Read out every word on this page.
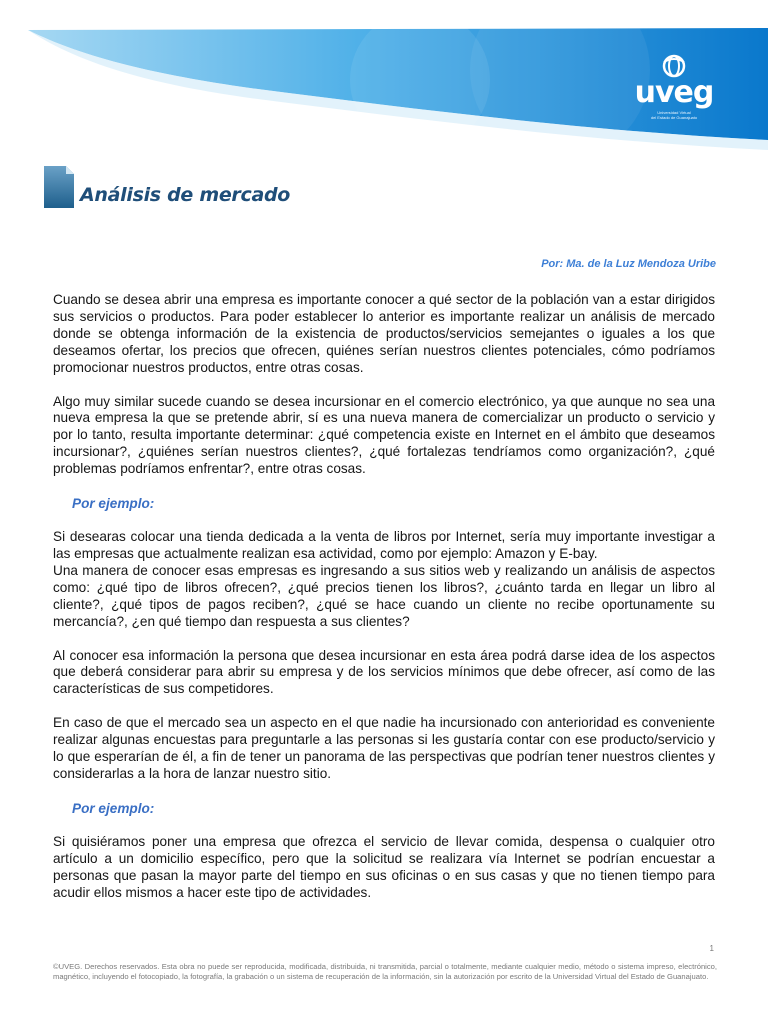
uveg
Universidad Virtual
del Estado de Guanajuato
Análisis de mercado
Por: Ma. de la Luz Mendoza Uribe

Cuando se desea abrir una empresa es importante conocer a qué sector de la población van a estar dirigidos sus servicios o productos. Para poder establecer lo anterior es importante realizar un análisis de mercado donde se obtenga información de la existencia de productos/servicios semejantes o iguales a los que deseamos ofertar, los precios que ofrecen, quiénes serían nuestros clientes potenciales, cómo podríamos promocionar nuestros productos, entre otras cosas.

Algo muy similar sucede cuando se desea incursionar en el comercio electrónico, ya que aunque no sea una nueva empresa la que se pretende abrir, sí es una nueva manera de comercializar un producto o servicio y por lo tanto, resulta importante determinar: ¿qué competencia existe en Internet en el ámbito que deseamos incursionar?, ¿quiénes serían nuestros clientes?, ¿qué fortalezas tendríamos como organización?, ¿qué problemas podríamos enfrentar?, entre otras cosas.

Por ejemplo:

Si desearas colocar una tienda dedicada a la venta de libros por Internet, sería muy importante investigar a las empresas que actualmente realizan esa actividad, como por ejemplo: Amazon y E-bay.

Una manera de conocer esas empresas es ingresando a sus sitios web y realizando un análisis de aspectos como: ¿qué tipo de libros ofrecen?, ¿qué precios tienen los libros?, ¿cuánto tarda en llegar un libro al cliente?, ¿qué tipos de pagos reciben?, ¿qué se hace cuando un cliente no recibe oportunamente su mercancía?, ¿en qué tiempo dan respuesta a sus clientes?

Al conocer esa información la persona que desea incursionar en esta área podrá darse idea de los aspectos que deberá considerar para abrir su empresa y de los servicios mínimos que debe ofrecer, así como de las características de sus competidores.

En caso de que el mercado sea un aspecto en el que nadie ha incursionado con anterioridad es conveniente realizar algunas encuestas para preguntarle a las personas si les gustaría contar con ese producto/servicio y lo que esperarían de él, a fin de tener un panorama de las perspectivas que podrían tener nuestros clientes y considerarlas a la hora de lanzar nuestro sitio.

Por ejemplo:

Si quisiéramos poner una empresa que ofrezca el servicio de llevar comida, despensa o cualquier otro artículo a un domicilio específico, pero que la solicitud se realizara vía Internet se podrían encuestar a personas que pasan la mayor parte del tiempo en sus oficinas o en sus casas y que no tienen tiempo para acudir ellos mismos a hacer este tipo de actividades.

1
©UVEG. Derechos reservados. Esta obra no puede ser reproducida, modificada, distribuida, ni transmitida, parcial o totalmente, mediante cualquier medio, método o sistema impreso, electrónico, magnético, incluyendo el fotocopiado, la fotografía, la grabación o un sistema de recuperación de la información, sin la autorización por escrito de la Universidad Virtual del Estado de Guanajuato.
